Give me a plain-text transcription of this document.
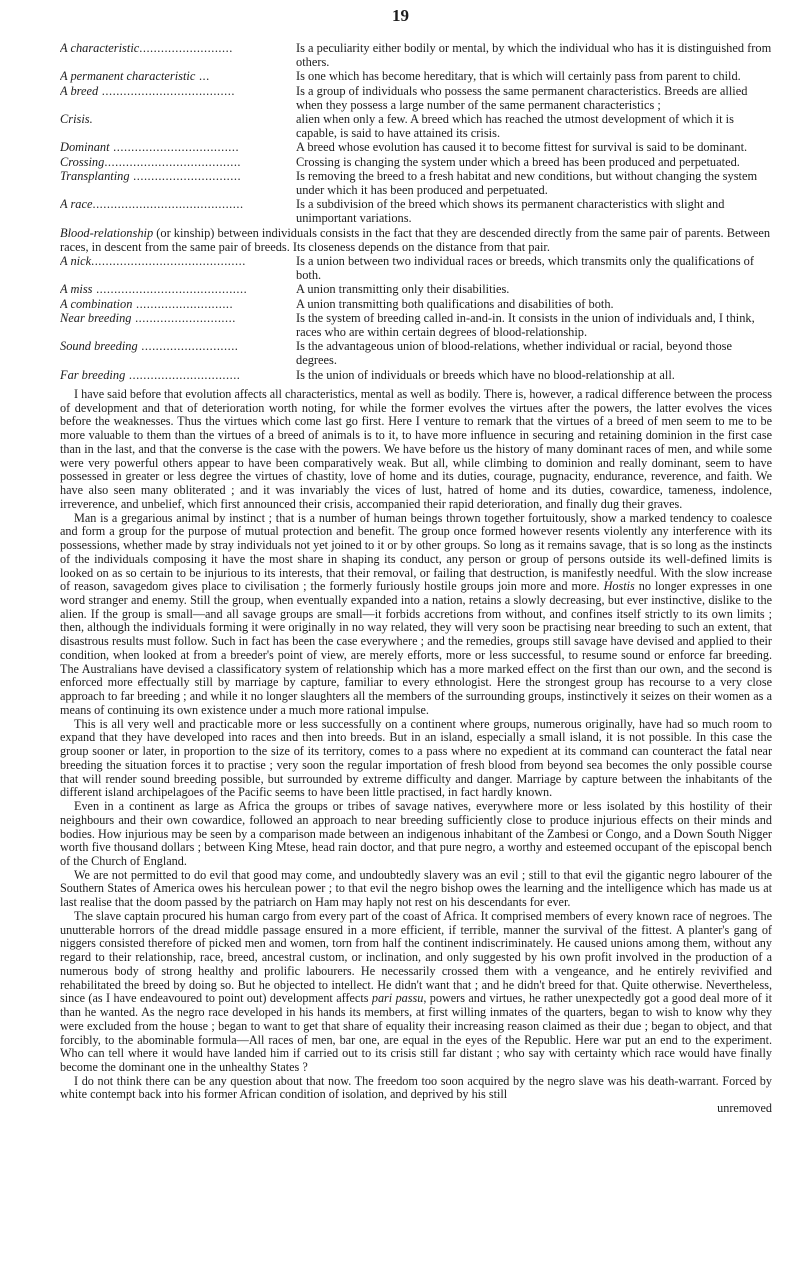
19
A characteristic..........................	Is a peculiarity either bodily or mental, by which the individual who has it is distinguished from others.
A permanent characteristic ...	Is one which has become hereditary, that is which will certainly pass from parent to child.
A breed .....................................	Is a group of individuals who possess the same permanent characteristics. Breeds are allied when they possess a large number of the same permanent characteristics ;
Crisis.	alien when only a few. A breed which has reached the utmost development of which it is capable, is said to have attained its crisis.
Dominant ...................................	A breed whose evolution has caused it to become fittest for survival is said to be dominant.
Crossing......................................	Crossing is changing the system under which a breed has been produced and perpetuated.
Transplanting ..............................	Is removing the breed to a fresh habitat and new conditions, but without changing the system under which it has been produced and perpetuated.
A race..........................................	Is a subdivision of the breed which shows its permanent characteristics with slight and unimportant variations.
Blood-relationship (or kinship) between individuals consists in the fact that they are descended directly from the same pair of parents. Between races, in descent from the same pair of breeds. Its closeness depends on the distance from that pair.
A nick...........................................	Is a union between two individual races or breeds, which transmits only the qualifications of both.
A miss ..........................................	A union transmitting only their disabilities.
A combination ...........................	A union transmitting both qualifications and disabilities of both.
Near breeding ............................	Is the system of breeding called in-and-in. It consists in the union of individuals and, I think, races who are within certain degrees of blood-relationship.
Sound breeding ...........................	Is the advantageous union of blood-relations, whether individual or racial, beyond those degrees.
Far breeding ...............................	Is the union of individuals or breeds which have no blood-relationship at all.

I have said before that evolution affects all characteristics, mental as well as bodily. There is, however, a radical difference between the process of development and that of deterioration worth noting, for while the former evolves the virtues after the powers, the latter evolves the vices before the weaknesses. Thus the virtues which come last go first. Here I venture to remark that the virtues of a breed of men seem to me to be more valuable to them than the virtues of a breed of animals is to it, to have more influence in securing and retaining dominion in the first case than in the last, and that the converse is the case with the powers. We have before us the history of many dominant races of men, and while some were very powerful others appear to have been comparatively weak. But all, while climbing to dominion and really dominant, seem to have possessed in greater or less degree the virtues of chastity, love of home and its duties, courage, pugnacity, endurance, reverence, and faith. We have also seen many obliterated ; and it was invariably the vices of lust, hatred of home and its duties, cowardice, tameness, indolence, irreverence, and unbelief, which first announced their crisis, accompanied their rapid deterioration, and finally dug their graves.

Man is a gregarious animal by instinct ; that is a number of human beings thrown together fortuitously, show a marked tendency to coalesce and form a group for the purpose of mutual protection and benefit. The group once formed however resents violently any interference with its possessions, whether made by stray individuals not yet joined to it or by other groups. So long as it remains savage, that is so long as the instincts of the individuals composing it have the most share in shaping its conduct, any person or group of persons outside its well-defined limits is looked on as so certain to be injurious to its interests, that their removal, or failing that destruction, is manifestly needful. With the slow increase of reason, savagedom gives place to civilisation ; the formerly furiously hostile groups join more and more. Hostis no longer expresses in one word stranger and enemy. Still the group, when eventually expanded into a nation, retains a slowly decreasing, but ever instinctive, dislike to the alien. If the group is small—and all savage groups are small—it forbids accretions from without, and confines itself strictly to its own limits ; then, although the individuals forming it were originally in no way related, they will very soon be practising near breeding to such an extent, that disastrous results must follow. Such in fact has been the case everywhere ; and the remedies, groups still savage have devised and applied to their condition, when looked at from a breeder's point of view, are merely efforts, more or less successful, to resume sound or enforce far breeding. The Australians have devised a classificatory system of relationship which has a more marked effect on the first than our own, and the second is enforced more effectually still by marriage by capture, familiar to every ethnologist. Here the strongest group has recourse to a very close approach to far breeding ; and while it no longer slaughters all the members of the surrounding groups, instinctively it seizes on their women as a means of continuing its own existence under a much more rational impulse.

This is all very well and practicable more or less successfully on a continent where groups, numerous originally, have had so much room to expand that they have developed into races and then into breeds. But in an island, especially a small island, it is not possible. In this case the group sooner or later, in proportion to the size of its territory, comes to a pass where no expedient at its command can counteract the fatal near breeding the situation forces it to practise ; very soon the regular importation of fresh blood from beyond sea becomes the only possible course that will render sound breeding possible, but surrounded by extreme difficulty and danger. Marriage by capture between the inhabitants of the different island archipelagoes of the Pacific seems to have been little practised, in fact hardly known.

Even in a continent as large as Africa the groups or tribes of savage natives, everywhere more or less isolated by this hostility of their neighbours and their own cowardice, followed an approach to near breeding sufficiently close to produce injurious effects on their minds and bodies. How injurious may be seen by a comparison made between an indigenous inhabitant of the Zambesi or Congo, and a Down South Nigger worth five thousand dollars ; between King Mtese, head rain doctor, and that pure negro, a worthy and esteemed occupant of the episcopal bench of the Church of England.

We are not permitted to do evil that good may come, and undoubtedly slavery was an evil ; still to that evil the gigantic negro labourer of the Southern States of America owes his herculean power ; to that evil the negro bishop owes the learning and the intelligence which has made us at last realise that the doom passed by the patriarch on Ham may haply not rest on his descendants for ever.

The slave captain procured his human cargo from every part of the coast of Africa. It comprised members of every known race of negroes. The unutterable horrors of the dread middle passage ensured in a more efficient, if terrible, manner the survival of the fittest. A planter's gang of niggers consisted therefore of picked men and women, torn from half the continent indiscriminately. He caused unions among them, without any regard to their relationship, race, breed, ancestral custom, or inclination, and only suggested by his own profit involved in the production of a numerous body of strong healthy and prolific labourers. He necessarily crossed them with a vengeance, and he entirely revivified and rehabilitated the breed by doing so. But he objected to intellect. He didn't want that ; and he didn't breed for that. Quite otherwise. Nevertheless, since (as I have endeavoured to point out) development affects pari passu, powers and virtues, he rather unexpectedly got a good deal more of it than he wanted. As the negro race developed in his hands its members, at first willing inmates of the quarters, began to wish to know why they were excluded from the house ; began to want to get that share of equality their increasing reason claimed as their due ; began to object, and that forcibly, to the abominable formula—All races of men, bar one, are equal in the eyes of the Republic. Here war put an end to the experiment. Who can tell where it would have landed him if carried out to its crisis still far distant ; who say with certainty which race would have finally become the dominant one in the unhealthy States ?

I do not think there can be any question about that now. The freedom too soon acquired by the negro slave was his death-warrant. Forced by white contempt back into his former African condition of isolation, and deprived by his still

unremoved
